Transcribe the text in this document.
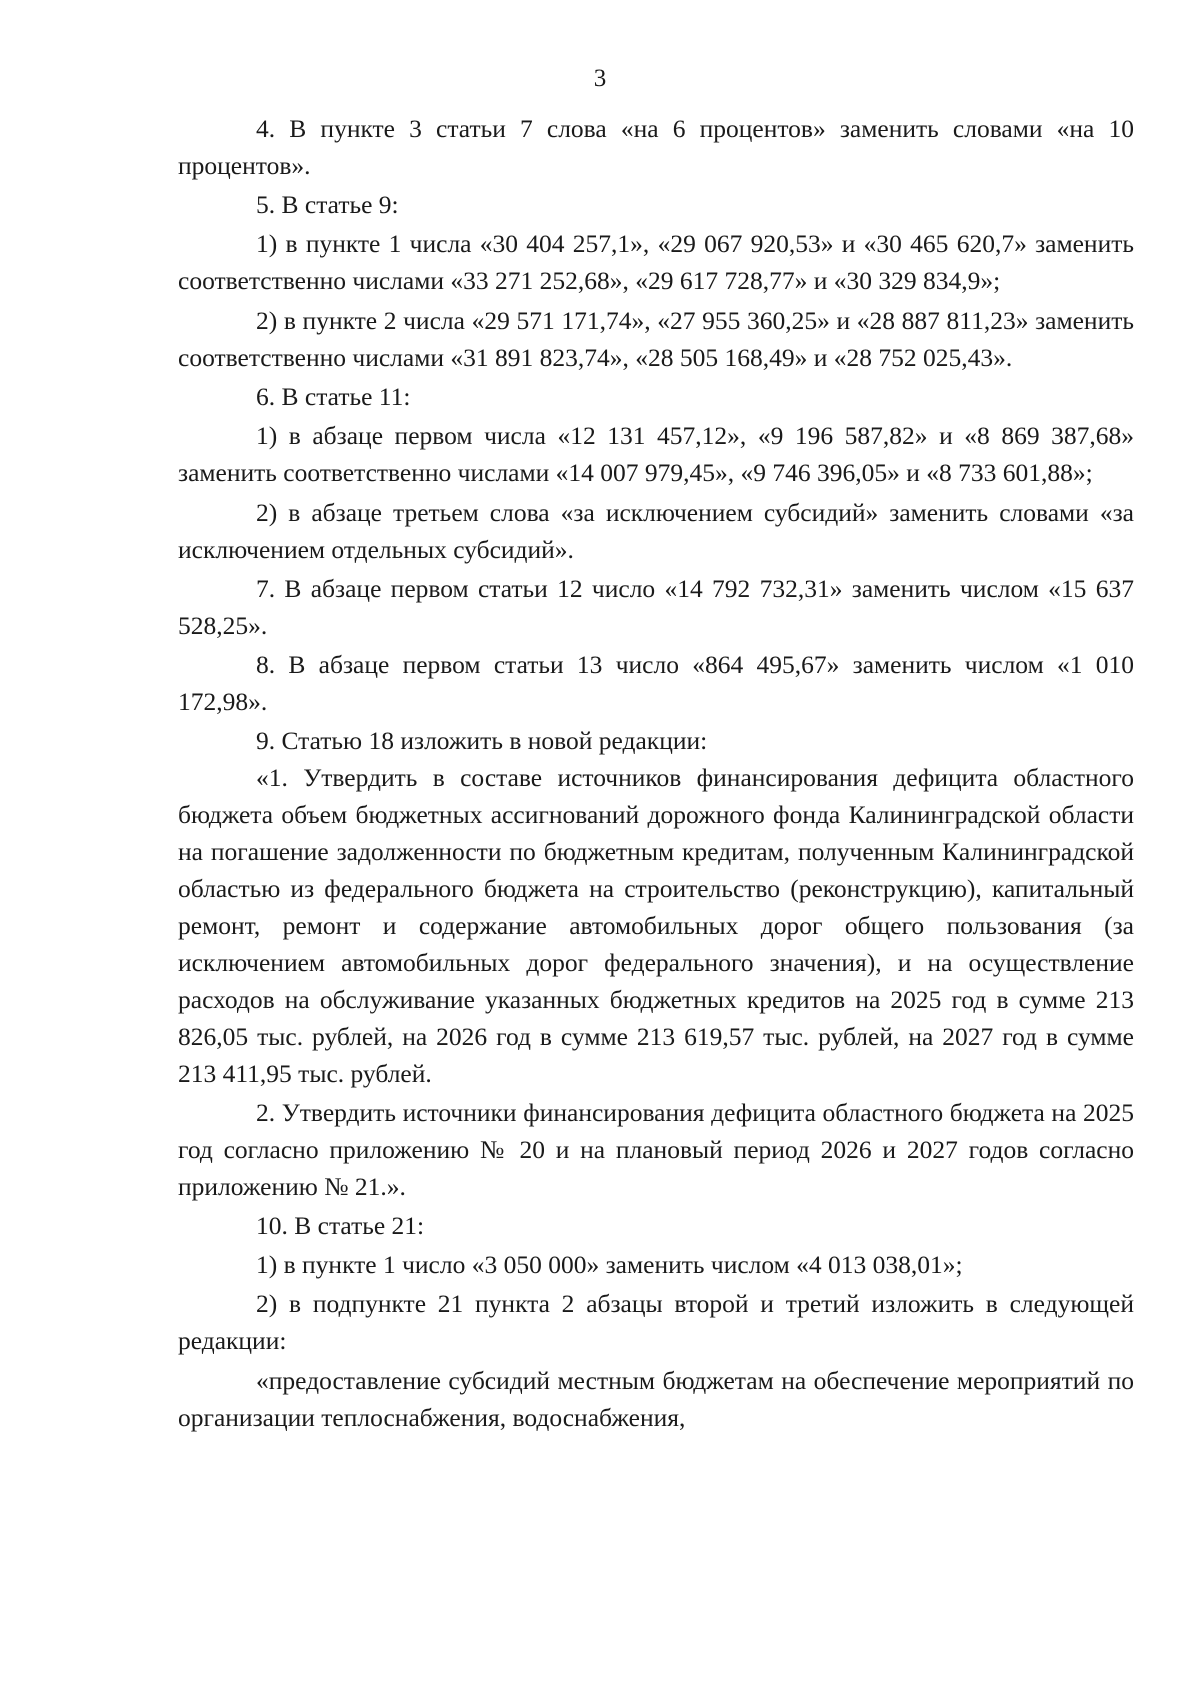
3

4. В пункте 3 статьи 7 слова «на 6 процентов» заменить словами «на 10 процентов».

5. В статье 9:

1) в пункте 1 числа «30 404 257,1», «29 067 920,53» и «30 465 620,7» заменить соответственно числами «33 271 252,68», «29 617 728,77» и «30 329 834,9»;

2) в пункте 2 числа «29 571 171,74», «27 955 360,25» и «28 887 811,23» заменить соответственно числами «31 891 823,74», «28 505 168,49» и «28 752 025,43».

6. В статье 11:

1) в абзаце первом числа «12 131 457,12», «9 196 587,82» и «8 869 387,68» заменить соответственно числами «14 007 979,45», «9 746 396,05» и «8 733 601,88»;

2) в абзаце третьем слова «за исключением субсидий» заменить словами «за исключением отдельных субсидий».

7. В абзаце первом статьи 12 число «14 792 732,31» заменить числом «15 637 528,25».

8. В абзаце первом статьи 13 число «864 495,67» заменить числом «1 010 172,98».

9. Статью 18 изложить в новой редакции:

«1. Утвердить в составе источников финансирования дефицита областного бюджета объем бюджетных ассигнований дорожного фонда Калининградской области на погашение задолженности по бюджетным кредитам, полученным Калининградской областью из федерального бюджета на строительство (реконструкцию), капитальный ремонт, ремонт и содержание автомобильных дорог общего пользования (за исключением автомобильных дорог федерального значения), и на осуществление расходов на обслуживание указанных бюджетных кредитов на 2025 год в сумме 213 826,05 тыс. рублей, на 2026 год в сумме 213 619,57 тыс. рублей, на 2027 год в сумме 213 411,95 тыс. рублей.

2. Утвердить источники финансирования дефицита областного бюджета на 2025 год согласно приложению № 20 и на плановый период 2026 и 2027 годов согласно приложению № 21.».

10. В статье 21:

1) в пункте 1 число «3 050 000» заменить числом «4 013 038,01»;

2) в подпункте 21 пункта 2 абзацы второй и третий изложить в следующей редакции:

«предоставление субсидий местным бюджетам на обеспечение мероприятий по организации теплоснабжения, водоснабжения,
